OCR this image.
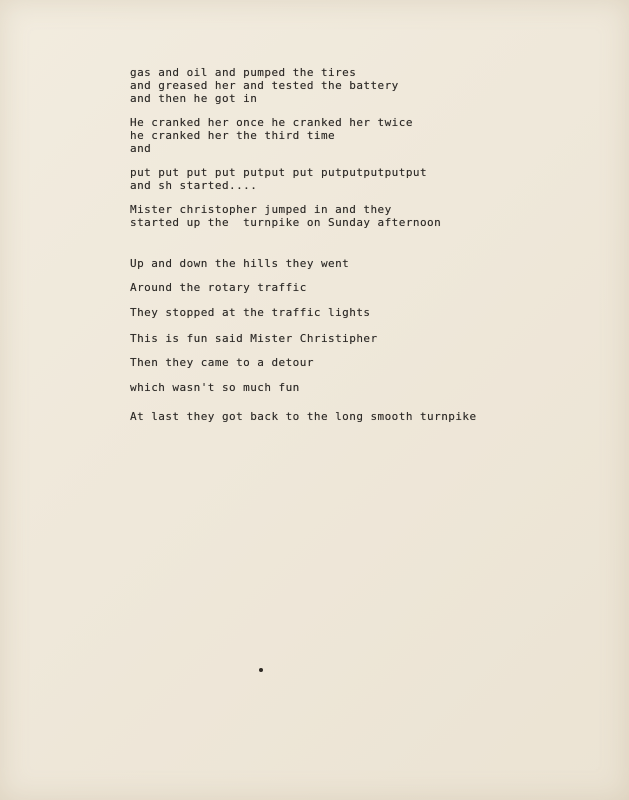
gas and oil and pumped the tires

and greased her and tested the battery

and then he got in

He cranked her once he cranked her twice

he cranked her the third time

and

put put put put putput put putputputputput

and sh started....

Mister christopher jumped in and they

started up the  turnpike on Sunday afternoon

Up and down the hills they went

Around the rotary traffic

They stopped at the traffic lights

This is fun said Mister Christipher

Then they came to a detour

which wasn't so much fun

At last they got back to the long smooth turnpike
